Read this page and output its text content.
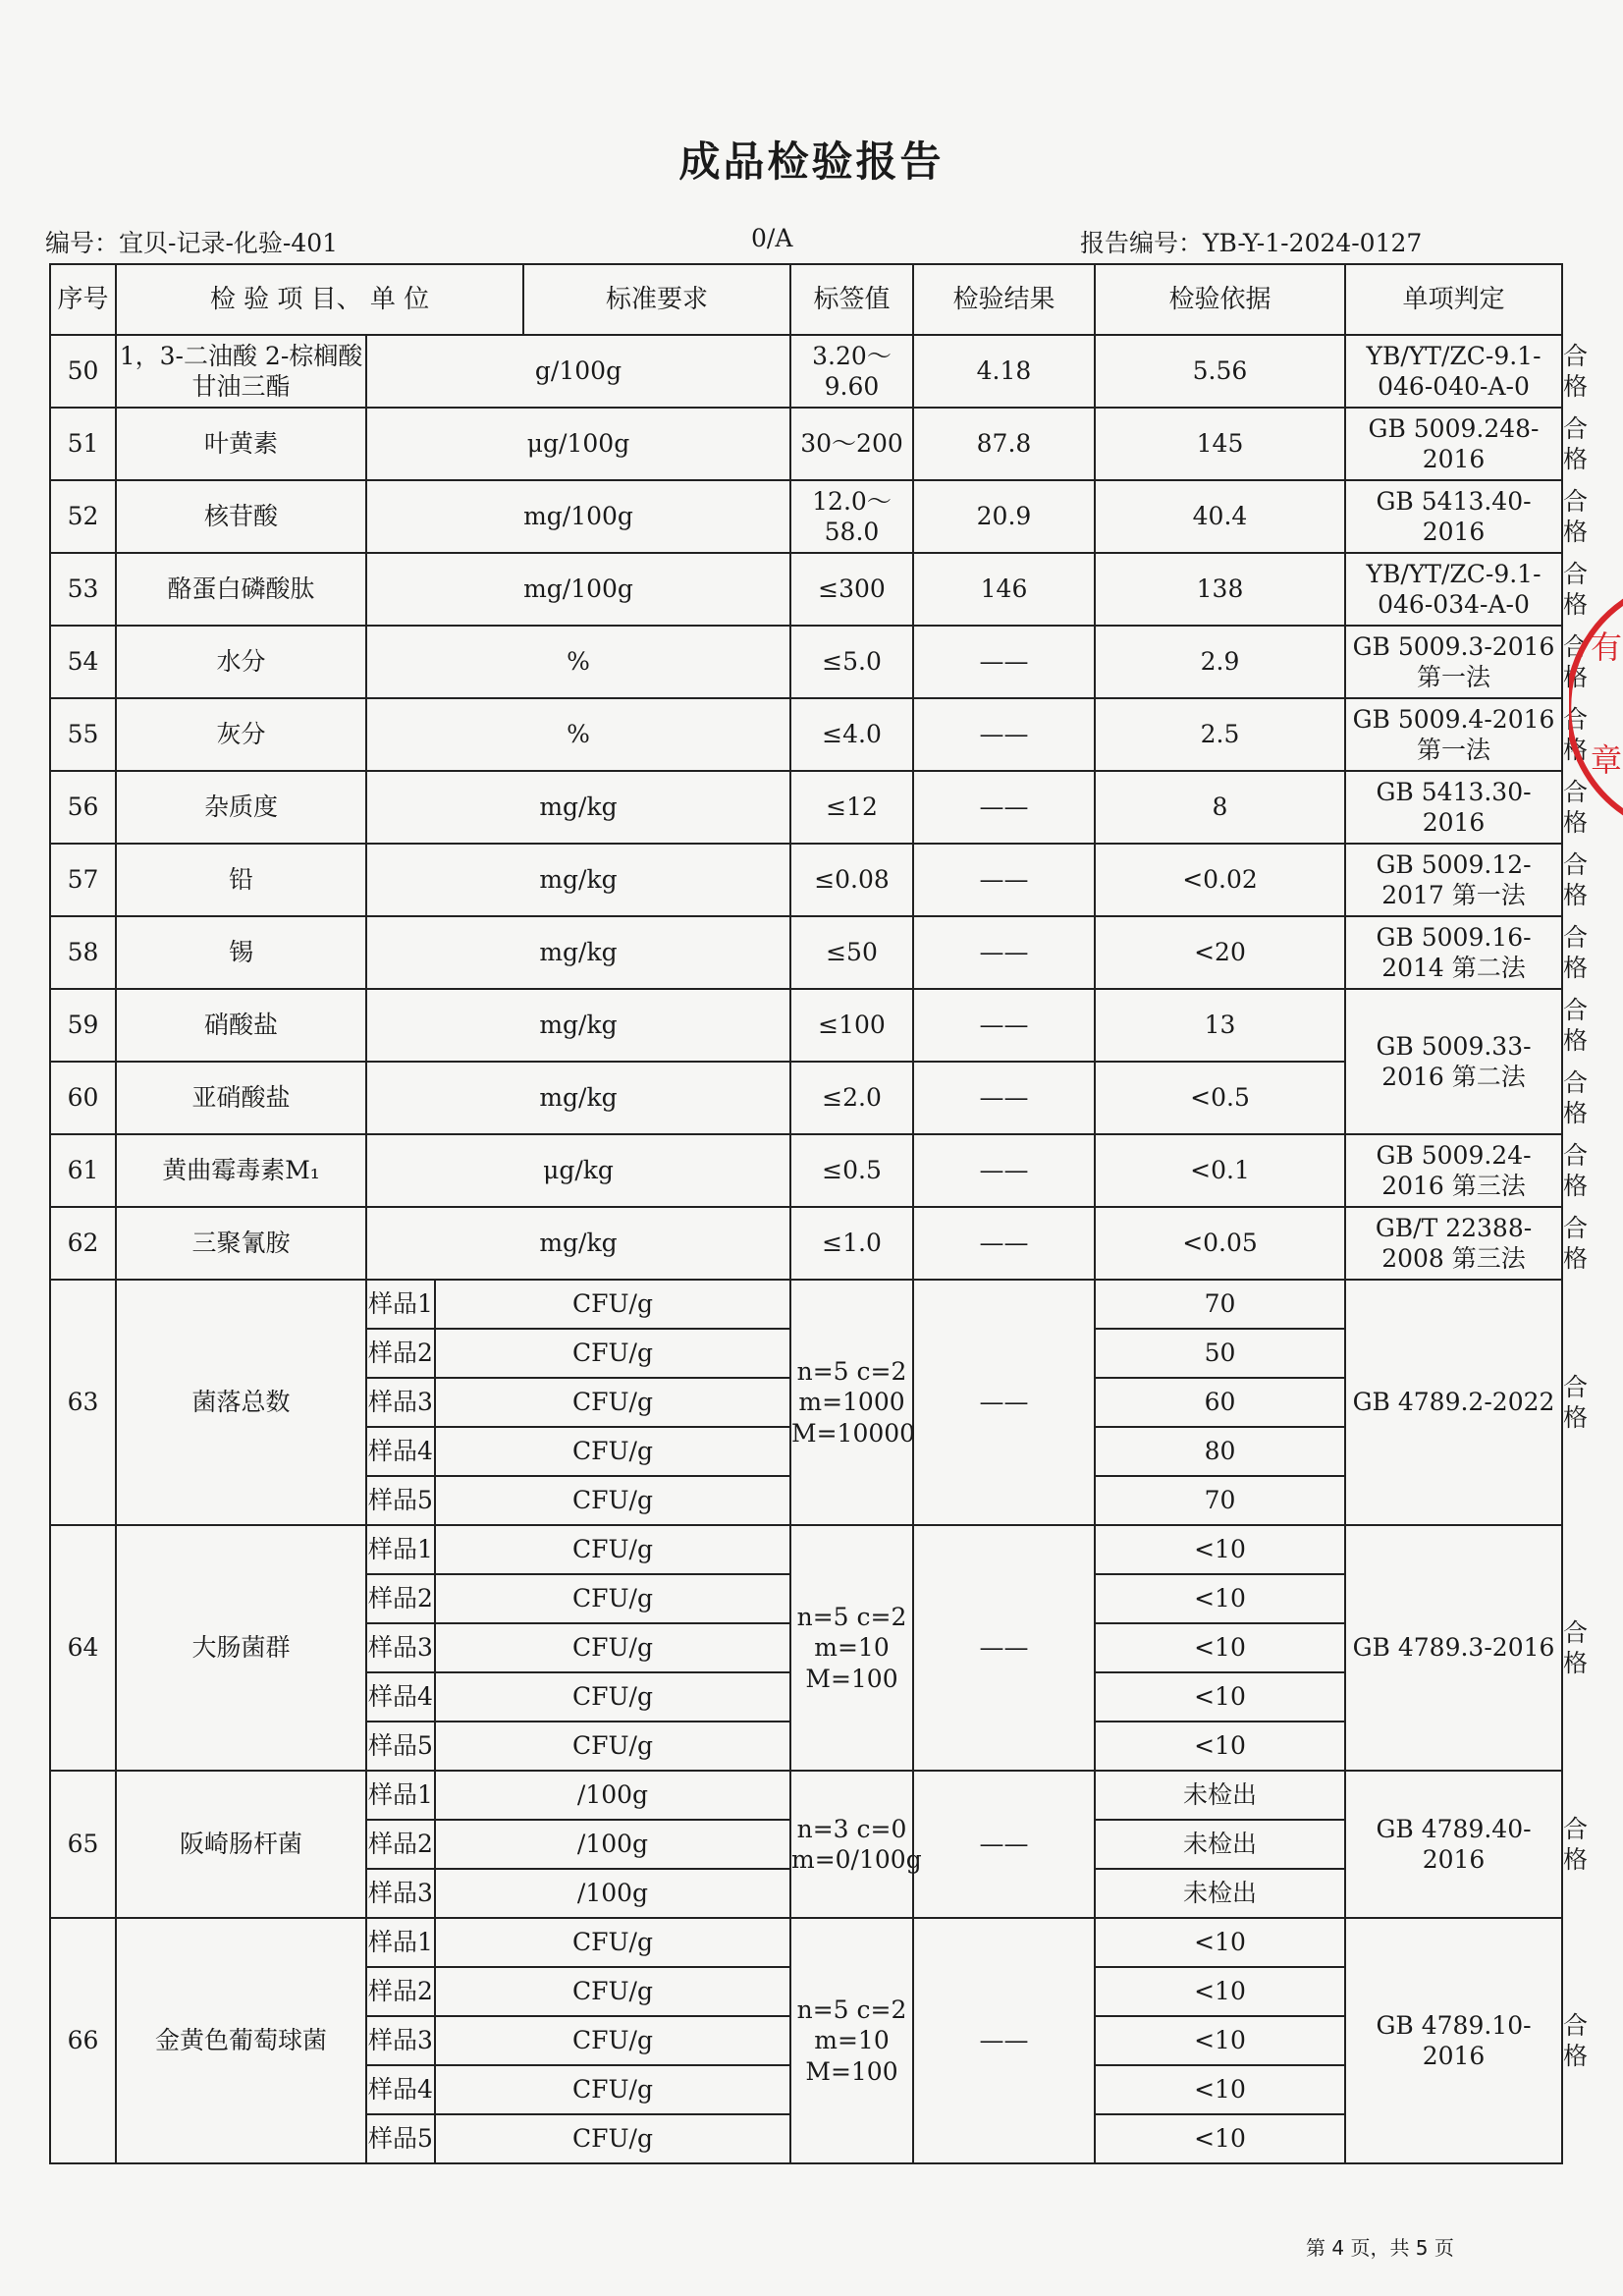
成品检验报告
编号：宜贝-记录-化验-401	0/A	报告编号：YB-Y-1-2024-0127
序号	检 验 项 目、 单 位			标准要求	标签值	检验结果	检验依据	单项判定	
50	1，3-二油酸 2-棕榈酸甘油三酯	g/100g			3.20～9.60	4.18	5.56	YB/YT/ZC-9.1-046-040-A-0	合格
51	叶黄素	μg/100g			30～200	87.8	145	GB 5009.248-2016	合格
52	核苷酸	mg/100g			12.0～58.0	20.9	40.4	GB 5413.40-2016	合格
53	酪蛋白磷酸肽	mg/100g			≤300	146	138	YB/YT/ZC-9.1-046-034-A-0	合格
54	水分	%			≤5.0	——	2.9	GB 5009.3-2016 第一法	合格
55	灰分	%			≤4.0	——	2.5	GB 5009.4-2016 第一法	合格
56	杂质度	mg/kg			≤12	——	8	GB 5413.30-2016	合格
57	铅	mg/kg			≤0.08	——	<0.02	GB 5009.12-2017 第一法	合格
58	锡	mg/kg			≤50	——	<20	GB 5009.16-2014 第二法	合格
59	硝酸盐	mg/kg			≤100	——	13	GB 5009.33-2016 第二法	合格
60	亚硝酸盐	mg/kg			≤2.0	——	<0.5		合格
61	黄曲霉毒素M₁	μg/kg			≤0.5	——	<0.1	GB 5009.24-2016 第三法	合格
62	三聚氰胺	mg/kg			≤1.0	——	<0.05	GB/T 22388-2008 第三法	合格
63	菌落总数	样品1	CFU/g		n=5 c=2 m=1000 M=10000	——	70	GB 4789.2-2022	合格
		样品2	CFU/g				50		
		样品3	CFU/g				60		
		样品4	CFU/g				80		
		样品5	CFU/g				70		
64	大肠菌群	样品1	CFU/g		n=5 c=2 m=10 M=100	——	<10	GB 4789.3-2016	合格
		样品2	CFU/g				<10		
		样品3	CFU/g				<10		
		样品4	CFU/g				<10		
		样品5	CFU/g				<10		
65	阪崎肠杆菌	样品1	/100g		n=3 c=0 m=0/100g	——	未检出	GB 4789.40-2016	合格
		样品2	/100g				未检出		
		样品3	/100g				未检出		
66	金黄色葡萄球菌	样品1	CFU/g		n=5 c=2 m=10 M=100	——	<10	GB 4789.10-2016	合格
		样品2	CFU/g				<10		
		样品3	CFU/g				<10		
		样品4	CFU/g				<10		
		样品5	CFU/g				<10		
有
章
第 4 页，共 5 页
